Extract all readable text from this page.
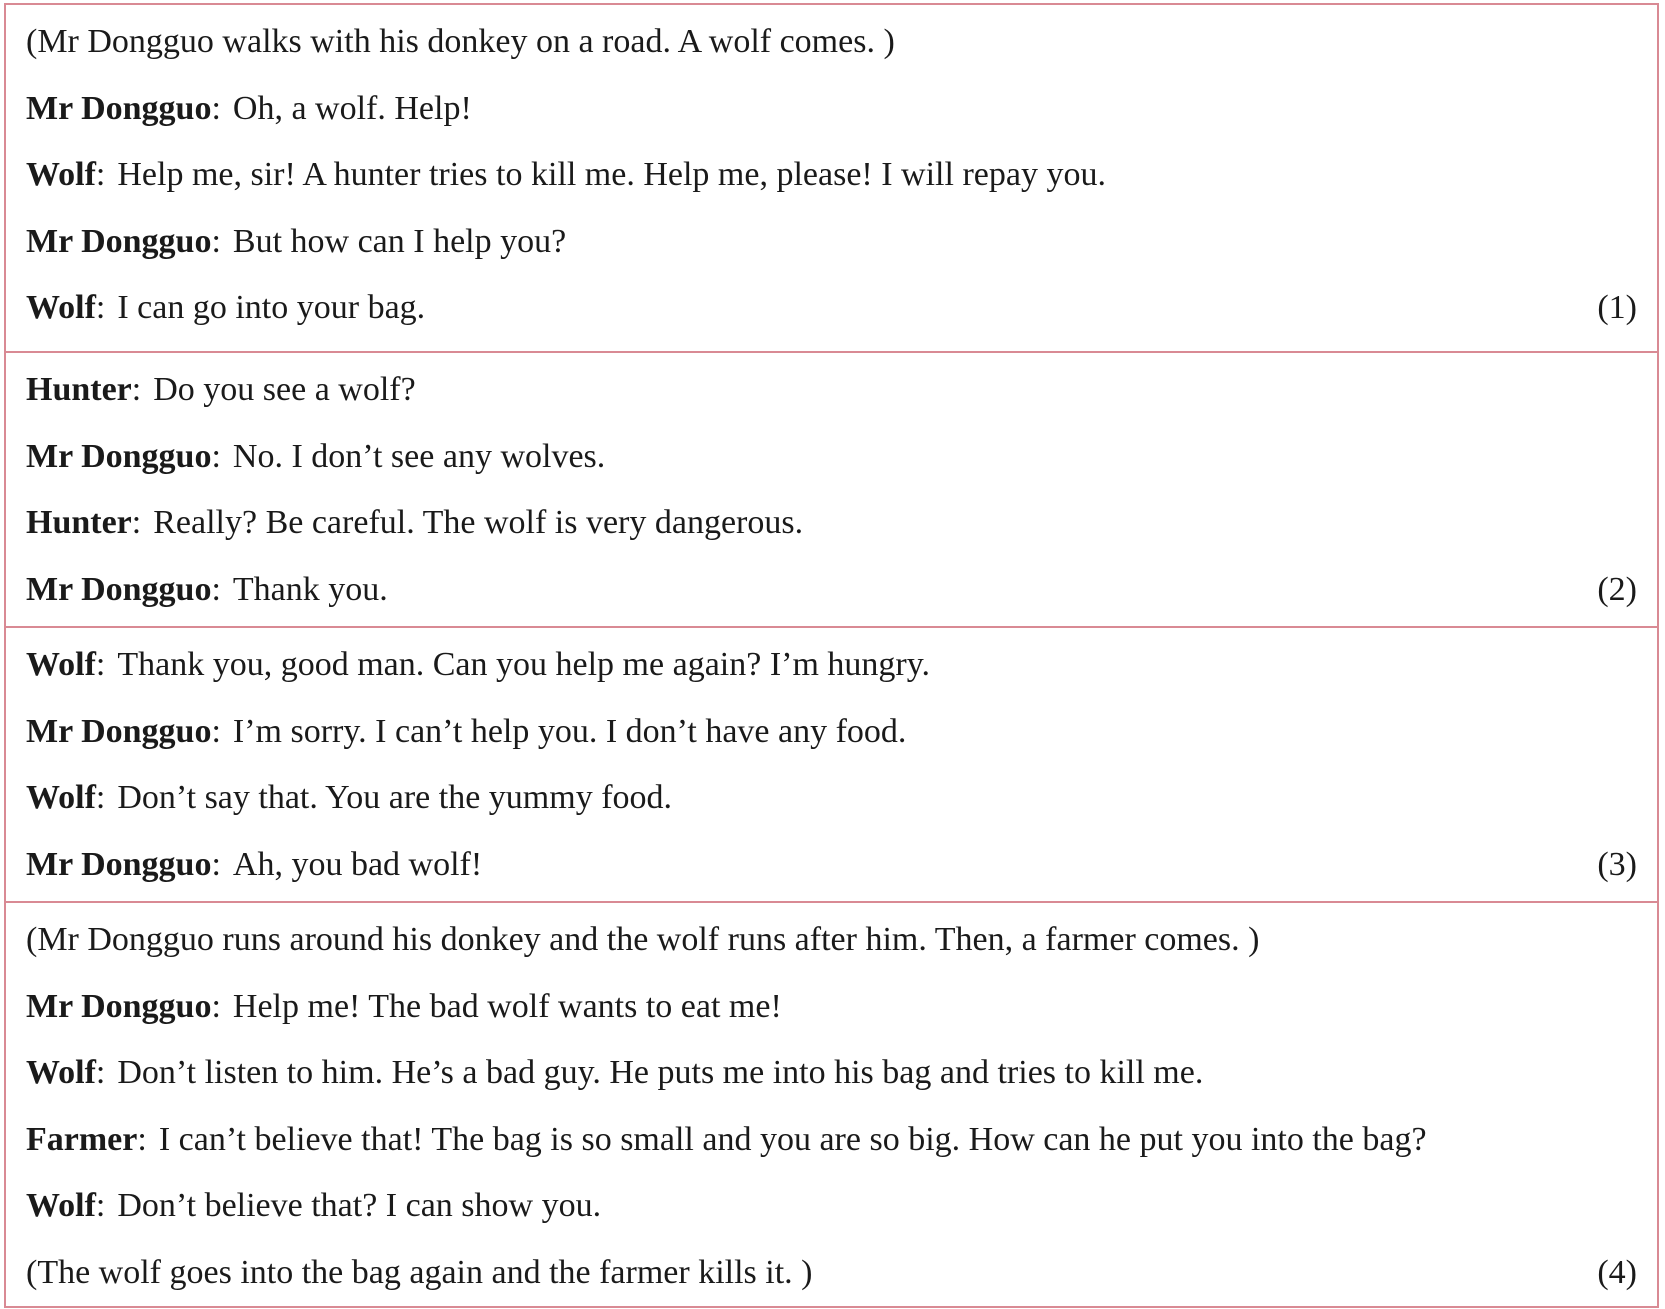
(Mr Dongguo walks with his donkey on a road. A wolf comes. )
Mr Dongguo: Oh, a wolf. Help!
Wolf: Help me, sir! A hunter tries to kill me. Help me, please! I will repay you.
Mr Dongguo: But how can I help you?
Wolf: I can go into your bag.	(1)
Hunter: Do you see a wolf?
Mr Dongguo: No. I don’t see any wolves.
Hunter: Really? Be careful. The wolf is very dangerous.
Mr Dongguo: Thank you.	(2)
Wolf: Thank you, good man. Can you help me again? I’m hungry.
Mr Dongguo: I’m sorry. I can’t help you. I don’t have any food.
Wolf: Don’t say that. You are the yummy food.
Mr Dongguo: Ah, you bad wolf!	(3)
(Mr Dongguo runs around his donkey and the wolf runs after him. Then, a farmer comes. )
Mr Dongguo: Help me! The bad wolf wants to eat me!
Wolf: Don’t listen to him. He’s a bad guy. He puts me into his bag and tries to kill me.
Farmer: I can’t believe that! The bag is so small and you are so big. How can he put you into the bag?
Wolf: Don’t believe that? I can show you.
(The wolf goes into the bag again and the farmer kills it. )	(4)
